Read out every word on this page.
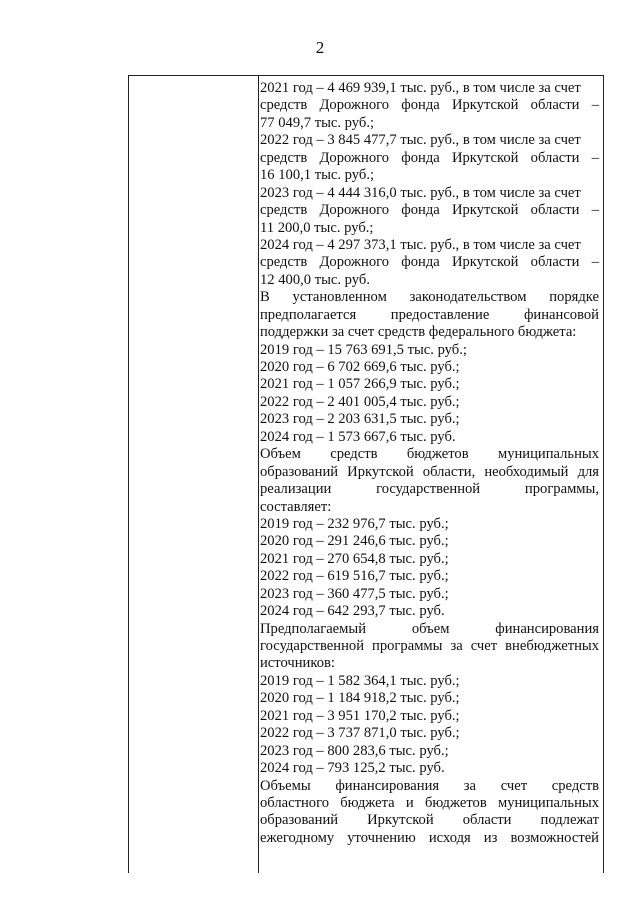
2
2021 год – 4 469 939,1 тыс. руб., в том числе за счет
средств Дорожного фонда Иркутской области –
77 049,7 тыс. руб.;
2022 год – 3 845 477,7 тыс. руб., в том числе за счет
средств Дорожного фонда Иркутской области –
16 100,1 тыс. руб.;
2023 год – 4 444 316,0 тыс. руб., в том числе за счет
средств Дорожного фонда Иркутской области –
11 200,0 тыс. руб.;
2024 год – 4 297 373,1 тыс. руб., в том числе за счет
средств Дорожного фонда Иркутской области –
12 400,0 тыс. руб.
В установленном законодательством порядке
предполагается предоставление финансовой
поддержки за счет средств федерального бюджета:
2019 год – 15 763 691,5 тыс. руб.;
2020 год – 6 702 669,6 тыс. руб.;
2021 год – 1 057 266,9 тыс. руб.;
2022 год – 2 401 005,4 тыс. руб.;
2023 год – 2 203 631,5 тыс. руб.;
2024 год – 1 573 667,6 тыс. руб.
Объем средств бюджетов муниципальных
образований Иркутской области, необходимый для
реализации государственной программы,
составляет:
2019 год – 232 976,7 тыс. руб.;
2020 год – 291 246,6 тыс. руб.;
2021 год – 270 654,8 тыс. руб.;
2022 год – 619 516,7 тыс. руб.;
2023 год – 360 477,5 тыс. руб.;
2024 год – 642 293,7 тыс. руб.
Предполагаемый объем финансирования
государственной программы за счет внебюджетных
источников:
2019 год – 1 582 364,1 тыс. руб.;
2020 год – 1 184 918,2 тыс. руб.;
2021 год – 3 951 170,2 тыс. руб.;
2022 год – 3 737 871,0 тыс. руб.;
2023 год – 800 283,6 тыс. руб.;
2024 год – 793 125,2 тыс. руб.
Объемы финансирования за счет средств
областного бюджета и бюджетов муниципальных
образований Иркутской области подлежат
ежегодному уточнению исходя из возможностей
